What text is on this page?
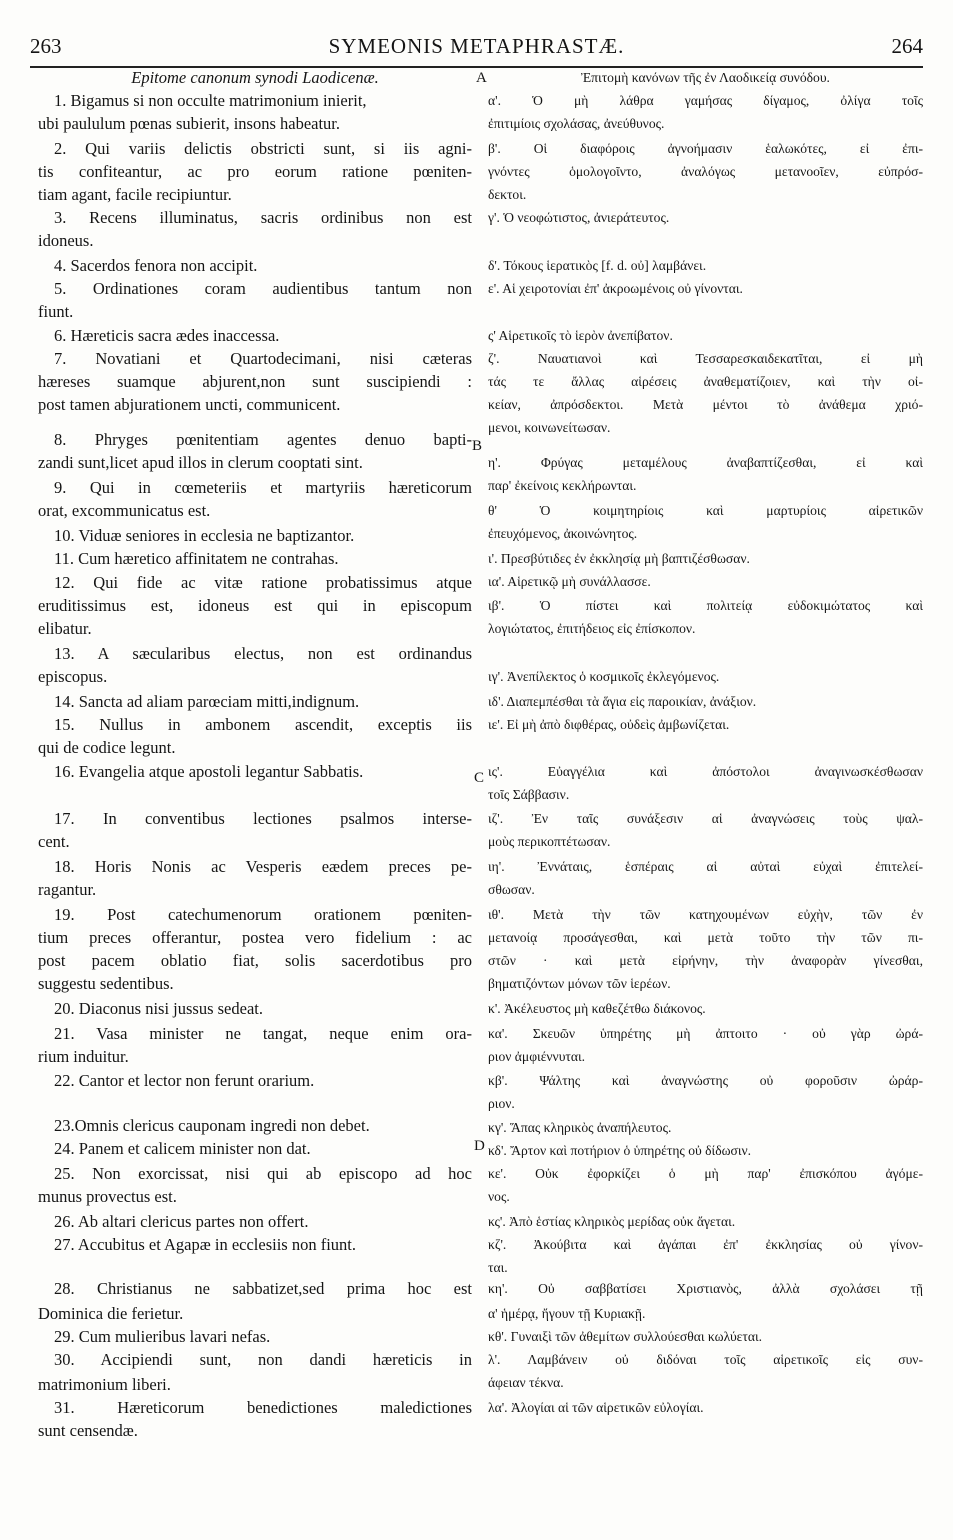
263	SYMEONIS METAPHRASTÆ.	264
Epitome canonum synodi Laodicenæ.
1. Bigamus si non occulte matrimonium inierit,
ubi paululum pœnas subierit, insons habeatur.
2. Qui variis delictis obstricti sunt, si iis agni-
tis confiteantur, ac pro eorum ratione pœniten-
tiam agant, facile recipiuntur.
3. Recens illuminatus, sacris ordinibus non est
idoneus.
4. Sacerdos fenora non accipit.
5. Ordinationes coram audientibus tantum non
fiunt.
6. Hæreticis sacra ædes inaccessa.
7. Novatiani et Quartodecimani, nisi cæteras
hæreses suamque abjurent,non sunt suscipiendi :
post tamen abjurationem uncti, communicent.
8. Phryges pœnitentiam agentes denuo bapti-
zandi sunt,licet apud illos in clerum cooptati sint.
9. Qui in cœmeteriis et martyriis hæreticorum
orat, excommunicatus est.
10. Viduæ seniores in ecclesia ne baptizantor.
11. Cum hæretico affinitatem ne contrahas.
12. Qui fide ac vitæ ratione probatissimus atque
eruditissimus est, idoneus est qui in episcopum
elibatur.
13. A sæcularibus electus, non est ordinandus
episcopus.
14. Sancta ad aliam parœciam mitti,indignum.
15. Nullus in ambonem ascendit, exceptis iis
qui de codice legunt.
16. Evangelia atque apostoli legantur Sabbatis.
17. In conventibus lectiones psalmos interse-
cent.
18. Horis Nonis ac Vesperis eædem preces pe-
ragantur.
19. Post catechumenorum orationem pœniten-
tium preces offerantur, postea vero fidelium : ac
post pacem oblatio fiat, solis sacerdotibus pro
suggestu sedentibus.
20. Diaconus nisi jussus sedeat.
21. Vasa minister ne tangat, neque enim ora-
rium induitur.
22. Cantor et lector non ferunt orarium.
23.Omnis clericus cauponam ingredi non debet.
24. Panem et calicem minister non dat.
25. Non exorcissat, nisi qui ab episcopo ad hoc
munus provectus est.
26. Ab altari clericus partes non offert.
27. Accubitus et Agapæ in ecclesiis non fiunt.
28. Christianus ne sabbatizet,sed prima hoc est
Dominica die ferietur.
29. Cum mulieribus lavari nefas.
30. Accipiendi sunt, non dandi hæreticis in
matrimonium liberi.
31. Hæreticorum benedictiones maledictiones
sunt censendæ.
Ἐπιτομὴ κανόνων τῆς ἐν Λαοδικείᾳ συνόδου.
α'. Ὁ μὴ λάθρα γαμήσας δίγαμος, ὀλίγα τοῖς
ἐπιτιμίοις σχολάσας, ἀνεύθυνος.
β'. Οἱ διαφόροις ἀγνοήμασιν ἑαλωκότες, εἰ ἐπι-
γνόντες ὁμολογοῖντο, ἀναλόγως μετανοοῖεν, εὐπρόσ-
δεκτοι.
γ'. Ὁ νεοφώτιστος, ἀνιεράτευτος.
δ'. Τόκους ἱερατικὸς [f. d. οὐ] λαμβάνει.
ε'. Αἱ χειροτονίαι ἐπ' ἀκροωμένοις οὐ γίνονται.
ς' Αἱρετικοῖς τὸ ἱερὸν ἀνεπίβατον.
ζ'. Ναυατιανοὶ καὶ Τεσσαρεσκαιδεκατῖται, εἰ μὴ
τάς τε ἄλλας αἱρέσεις ἀναθεματίζοιεν, καὶ τὴν οἰ-
κείαν, ἀπρόσδεκτοι. Μετὰ μέντοι τὸ ἀνάθεμα χριό-
μενοι, κοινωνείτωσαν.
η'. Φρύγας μεταμέλους ἀναβαπτίζεσθαι, εἰ καὶ
παρ' ἐκείνοις κεκλήρωνται.
θ' Ὁ κοιμητηρίοις καὶ μαρτυρίοις αἱρετικῶν
ἐπευχόμενος, ἀκοινώνητος.
ι'. Πρεσβύτιδες ἐν ἐκκλησίᾳ μὴ βαπτιζέσθωσαν.
ια'. Αἱρετικῷ μὴ συνάλλασσε.
ιβ'. Ὁ πίστει καὶ πολιτείᾳ εὐδοκιμώτατος καὶ
λογιώτατος, ἐπιτήδειος εἰς ἐπίσκοπον.
ιγ'. Ἀνεπίλεκτος ὁ κοσμικοῖς ἐκλεγόμενος.
ιδ'. Διαπεμπέσθαι τὰ ἅγια εἰς παροικίαν, ἀνάξιον.
ιε'. Εἰ μὴ ἀπὸ διφθέρας, οὐδεὶς ἀμβωνίζεται.
ις'. Εὐαγγέλια καὶ ἀπόστολοι ἀναγινωσκέσθωσαν
τοῖς Σάββασιν.
ιζ'. Ἐν ταῖς συνάξεσιν αἱ ἀναγνώσεις τοὺς ψαλ-
μοὺς περικοπτέτωσαν.
ιη'. Ἐννάταις, ἑσπέραις αἱ αὐταὶ εὐχαὶ ἐπιτελεί-
σθωσαν.
ιθ'. Μετὰ τὴν τῶν κατηχουμένων εὐχὴν, τῶν ἐν
μετανοίᾳ προσάγεσθαι, καὶ μετὰ τοῦτο τὴν τῶν πι-
στῶν · καὶ μετὰ εἰρήνην, τὴν ἀναφορὰν γίνεσθαι,
βηματιζόντων μόνων τῶν ἱερέων.
κ'. Ἀκέλευστος μὴ καθεζέτθω διάκονος.
κα'. Σκευῶν ὑπηρέτης μὴ ἀπτοιτο · οὐ γὰρ ὠρά-
ριον ἀμφιέννυται.
κβ'. Ψάλτης καὶ ἀναγνώστης οὐ φοροῦσιν ὠράρ-
ριον.
κγ'. Ἅπας κληρικὸς ἀναπήλευτος.
κδ'. Ἄρτον καὶ ποτήριον ὁ ὑπηρέτης οὐ δίδωσιν.
κε'. Οὐκ ἐφορκίζει ὁ μὴ παρ' ἐπισκόπου ἀγόμε-
νος.
κς'. Ἀπὸ ἑστίας κληρικὸς μερίδας οὐκ ἄγεται.
κζ'. Ἀκούβιτα καὶ ἀγάπαι ἐπ' ἐκκλησίας οὐ γίνον-
ται.
κη'. Οὐ σαββατίσει Χριστιανὸς, ἀλλὰ σχολάσει τῇ
α' ἡμέρᾳ, ἤγουν τῇ Κυριακῇ.
κθ'. Γυναιξὶ τῶν ἀθεμίτων συλλούεσθαι κωλύεται.
λ'. Λαμβάνειν οὐ διδόναι τοῖς αἱρετικοῖς εἰς συν-
άφειαν τέκνα.
λα'. Ἀλογίαι αἱ τῶν αἱρετικῶν εὐλογίαι.
A
B
C
D
